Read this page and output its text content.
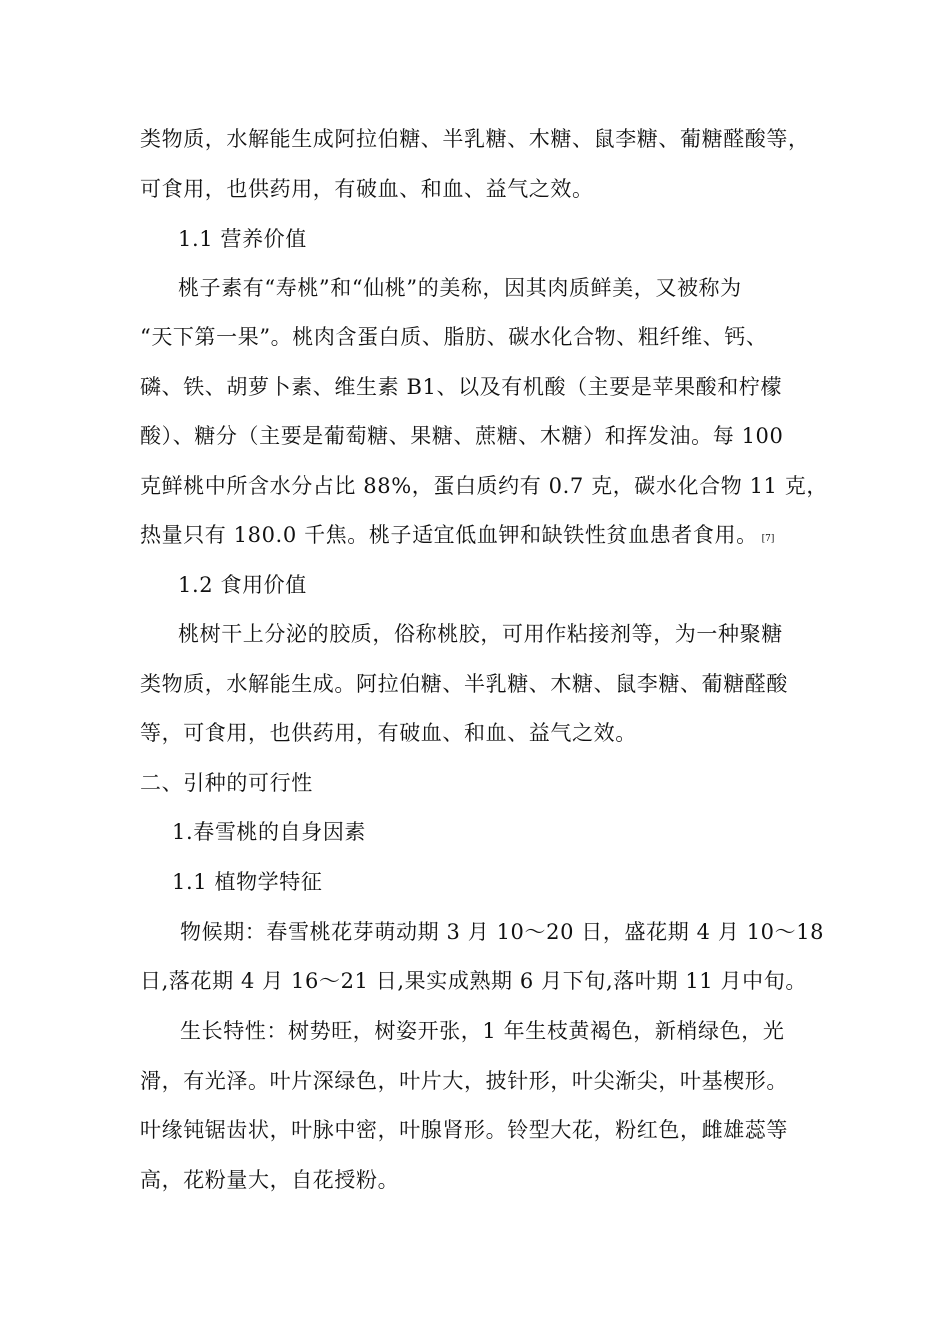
类物质，水解能生成阿拉伯糖、半乳糖、木糖、鼠李糖、葡糖醛酸等，
可食用，也供药用，有破血、和血、益气之效。
1.1 营养价值
桃子素有“寿桃”和“仙桃”的美称，因其肉质鲜美，又被称为
“天下第一果”。桃肉含蛋白质、脂肪、碳水化合物、粗纤维、钙、
磷、铁、胡萝卜素、维生素 B1、以及有机酸（主要是苹果酸和柠檬
酸）、糖分（主要是葡萄糖、果糖、蔗糖、木糖）和挥发油。每 100
克鲜桃中所含水分占比 88%，蛋白质约有 0.7 克，碳水化合物 11 克，
热量只有 180.0 千焦。桃子适宜低血钾和缺铁性贫血患者食用。 [7]
1.2 食用价值
桃树干上分泌的胶质，俗称桃胶，可用作粘接剂等，为一种聚糖
类物质，水解能生成。阿拉伯糖、半乳糖、木糖、鼠李糖、葡糖醛酸
等，可食用，也供药用，有破血、和血、益气之效。
二、引种的可行性
1.春雪桃的自身因素
1.1 植物学特征
物候期：春雪桃花芽萌动期 3 月 10～20 日，盛花期 4 月 10～18
日,落花期 4 月 16～21 日,果实成熟期 6 月下旬,落叶期 11 月中旬。
生长特性：树势旺，树姿开张，1 年生枝黄褐色，新梢绿色，光
滑，有光泽。叶片深绿色，叶片大，披针形，叶尖渐尖，叶基楔形。
叶缘钝锯齿状，叶脉中密，叶腺肾形。铃型大花，粉红色，雌雄蕊等
高，花粉量大，自花授粉。
